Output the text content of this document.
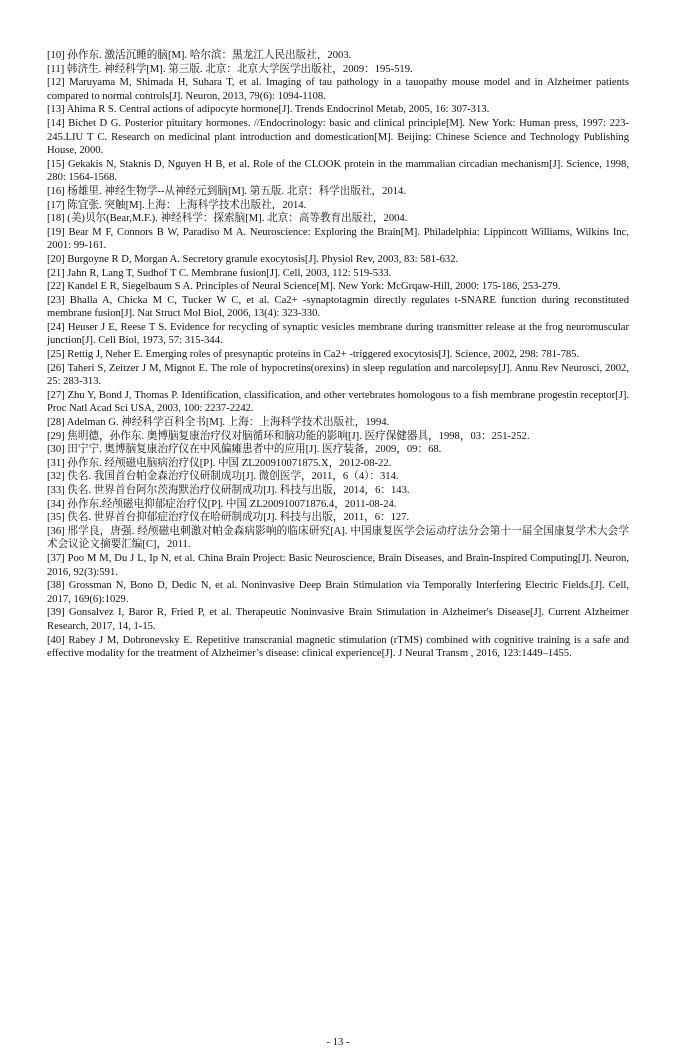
[10] 孙作东. 激活沉睡的脑[M]. 哈尔滨：黑龙江人民出版社，2003.
[11] 韩济生. 神经科学[M]. 第三版. 北京：北京大学医学出版社，2009：195-519.
[12] Maruyama M, Shimada H, Suhara T, et al. Imaging of tau pathology in a tauopathy mouse model and in Alzheimer patients compared to normal controls[J]. Neuron, 2013, 79(6): 1094-1108.
[13] Ahima R S. Central actions of adipocyte hormone[J]. Trends Endocrinol Metab, 2005, 16: 307-313.
[14] Bichet D G. Posterior pituitary hormones. //Endocrinology: basic and clinical principle[M]. New York: Human press, 1997: 223-245.LIU T C. Research on medicinal plant introduction and domestication[M]. Beijing: Chinese Science and Technology Publishing House, 2000.
[15] Gekakis N, Staknis D, Nguyen H B, et al. Role of the CLOOK protein in the mammalian circadian mechanism[J]. Science, 1998, 280: 1564-1568.
[16] 杨雄里. 神经生物学--从神经元到脑[M]. 第五版. 北京：科学出版社，2014.
[17] 陈宜张. 突触[M].上海：上海科学技术出版社，2014.
[18] (美)贝尔(Bear,M.F.). 神经科学：探索脑[M]. 北京：高等教育出版社，2004.
[19] Bear M F, Connors B W, Paradiso M A. Neuroscience: Exploring the Brain[M]. Philadelphia: Lippincott Williams, Wilkins Inc, 2001: 99-161.
[20] Burgoyne R D, Morgan A. Secretory granule exocytosis[J]. Physiol Rev, 2003, 83: 581-632.
[21] Jahn R, Lang T, Sudhof T C. Membrane fusion[J]. Cell, 2003, 112: 519-533.
[22] Kandel E R, Siegelbaum S A. Principles of Neural Science[M]. New York: McGrqaw-Hill, 2000: 175-186, 253-279.
[23] Bhalla A, Chicka M C, Tucker W C, et al. Ca2+ -synaptotagmin directly regulates t-SNARE function during reconstituted membrane fusion[J]. Nat Struct Mol Biol, 2006, 13(4): 323-330.
[24] Heuser J E, Reese T S. Evidence for recycling of synaptic vesicles membrane during transmitter release at the frog neuromuscular junction[J]. Cell Biol, 1973, 57: 315-344.
[25] Rettig J, Neher E. Emerging roles of presynaptic proteins in Ca2+ -triggered exocytosis[J]. Science, 2002, 298: 781-785.
[26] Taheri S, Zeitzer J M, Mignot E. The role of hypocretins(orexins) in sleep regulation and narcolepsy[J]. Annu Rev Neurosci, 2002, 25: 283-313.
[27] Zhu Y, Bond J, Thomas P. Identification, classification, and other vertebrates homologous to a fish membrane progestin receptor[J]. Proc Natl Acad Sci USA, 2003, 100: 2237-2242.
[28] Adelman G. 神经科学百科全书[M]. 上海：上海科学技术出版社，1994.
[29] 焦明德，孙作东. 奥博脑复康治疗仪对脑循环和脑功能的影响[J]. 医疗保健器具，1998，03：251-252.
[30] 田宁宁. 奥博脑复康治疗仪在中风偏瘫患者中的应用[J]. 医疗装备，2009，09：68.
[31] 孙作东. 经颅磁电脑病治疗仪[P]. 中国 ZL200910071875.X，2012-08-22.
[32] 佚名. 我国首台帕金森治疗仪研制成功[J]. 微创医学，2011，6（4）：314.
[33] 佚名. 世界首台阿尔茨海默治疗仪研制成功[J]. 科技与出版，2014，6：143.
[34] 孙作东.经颅磁电抑郁症治疗仪[P]. 中国 ZL200910071876.4，2011-08-24.
[35] 佚名. 世界首台抑郁症治疗仪在哈研制成功[J]. 科技与出版，2011，6：127.
[36] 邢学良，唐强. 经颅磁电刺激对帕金森病影响的临床研究[A]. 中国康复医学会运动疗法分会第十一届全国康复学术大会学术会议论文摘要汇编[C]，2011.
[37] Poo M M, Du J L, Ip N, et al. China Brain Project: Basic Neuroscience, Brain Diseases, and Brain-Inspired Computing[J]. Neuron, 2016, 92(3):591.
[38] Grossman N, Bono D, Dedic N, et al. Noninvasive Deep Brain Stimulation via Temporally Interfering Electric Fields.[J]. Cell, 2017, 169(6):1029.
[39] Gonsalvez I, Baror R, Fried P, et al. Therapeutic Noninvasive Brain Stimulation in Alzheimer's Disease[J]. Current Alzheimer Research, 2017, 14, 1-15.
[40] Rabey J M, Dobronevsky E. Repetitive transcranial magnetic stimulation (rTMS) combined with cognitive training is a safe and effective modality for the treatment of Alzheimer’s disease: clinical experience[J]. J Neural Transm , 2016, 123:1449–1455.
- 13 -
